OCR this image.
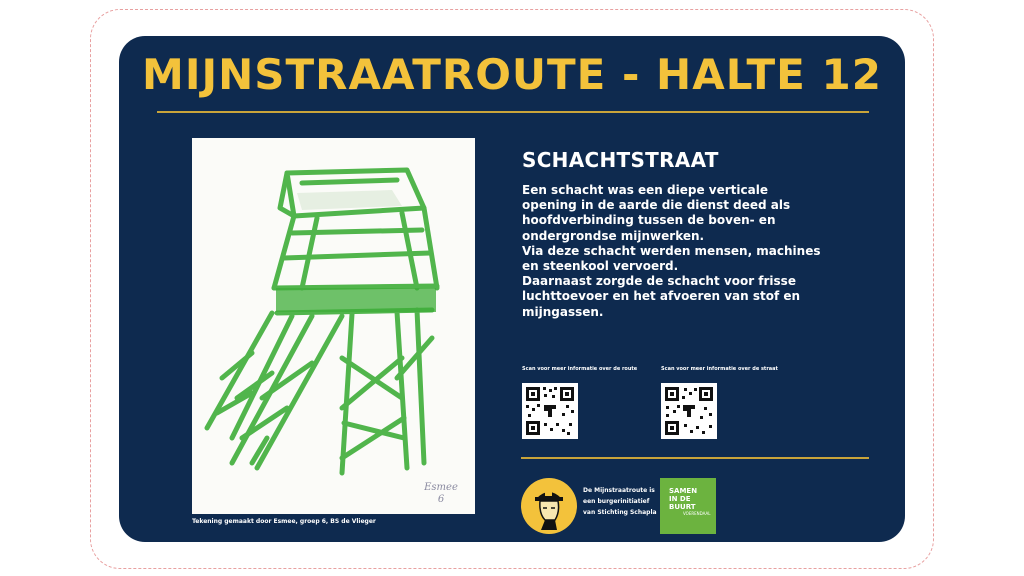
MIJNSTRAATROUTE - HALTE 12
Esmee 6
Tekening gemaakt door Esmee, groep 6, BS de Vlieger
SCHACHTSTRAAT
Een schacht was een diepe verticale
opening in de aarde die dienst deed als
hoofdverbinding tussen de boven- en
ondergrondse mijnwerken.
Via deze schacht werden mensen, machines
en steenkool vervoerd.
Daarnaast zorgde de schacht voor frisse
luchttoevoer en het afvoeren van stof en
mijngassen.
Scan voor meer informatie over de route	Scan voor meer informatie over de straat
De Mijnstraatroute is
een burgerinitiatief
van Stichting Schapla
SAMEN
IN DE
BUURT
VOERENDAAL
